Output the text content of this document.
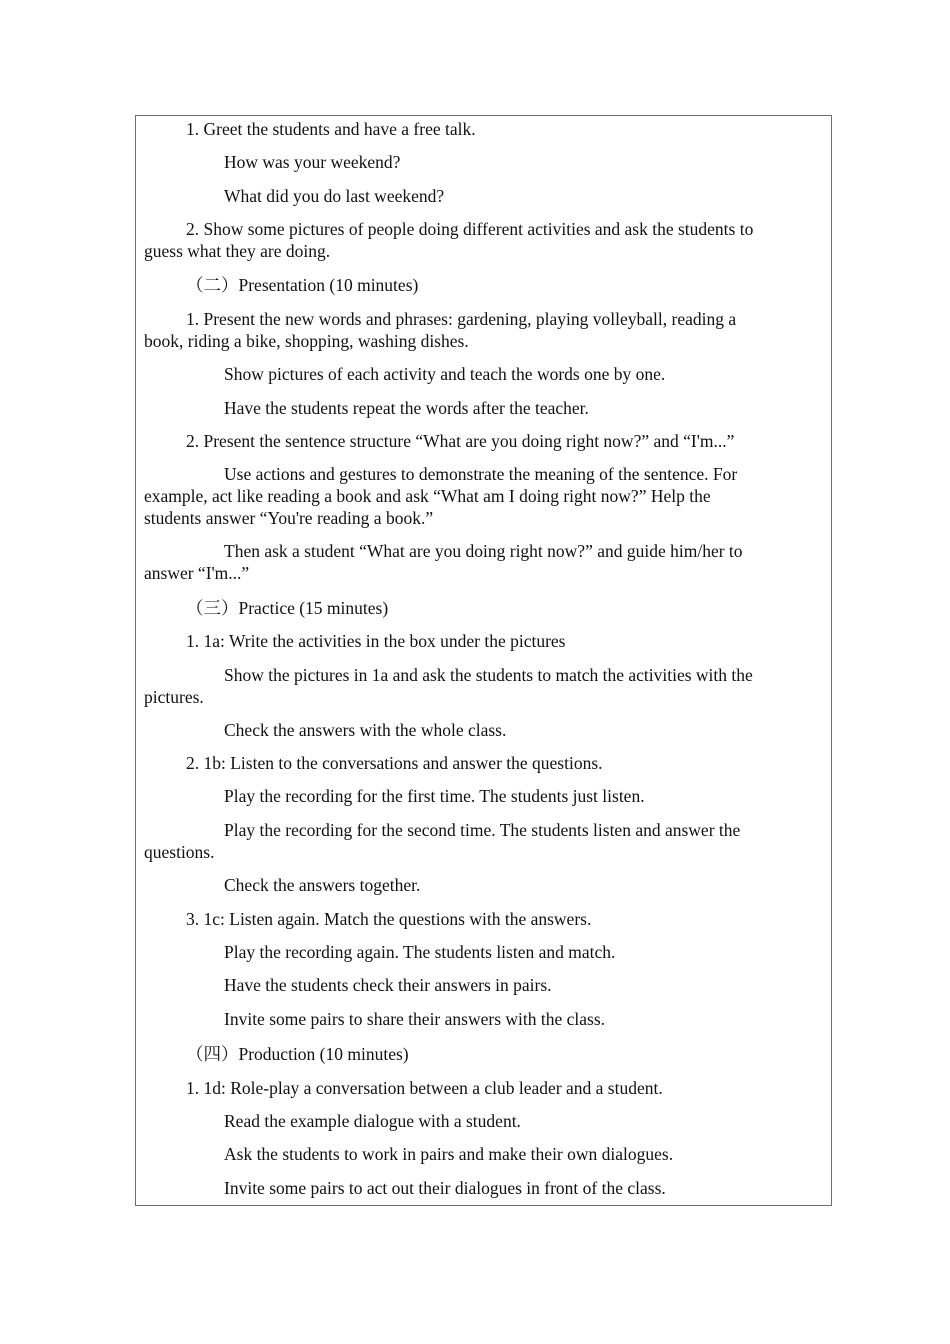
1. Greet the students and have a free talk.
How was your weekend?
What did you do last weekend?
2. Show some pictures of people doing different activities and ask the students to
guess what they are doing.
（二）Presentation (10 minutes)
1. Present the new words and phrases: gardening, playing volleyball, reading a
book, riding a bike, shopping, washing dishes.
Show pictures of each activity and teach the words one by one.
Have the students repeat the words after the teacher.
2. Present the sentence structure “What are you doing right now?” and “I'm...”
Use actions and gestures to demonstrate the meaning of the sentence. For
example, act like reading a book and ask “What am I doing right now?” Help the
students answer “You're reading a book.”
Then ask a student “What are you doing right now?” and guide him/her to
answer “I'm...”
（三）Practice (15 minutes)
1. 1a: Write the activities in the box under the pictures
Show the pictures in 1a and ask the students to match the activities with the
pictures.
Check the answers with the whole class.
2. 1b: Listen to the conversations and answer the questions.
Play the recording for the first time. The students just listen.
Play the recording for the second time. The students listen and answer the
questions.
Check the answers together.
3. 1c: Listen again. Match the questions with the answers.
Play the recording again. The students listen and match.
Have the students check their answers in pairs.
Invite some pairs to share their answers with the class.
（四）Production (10 minutes)
1. 1d: Role-play a conversation between a club leader and a student.
Read the example dialogue with a student.
Ask the students to work in pairs and make their own dialogues.
Invite some pairs to act out their dialogues in front of the class.
